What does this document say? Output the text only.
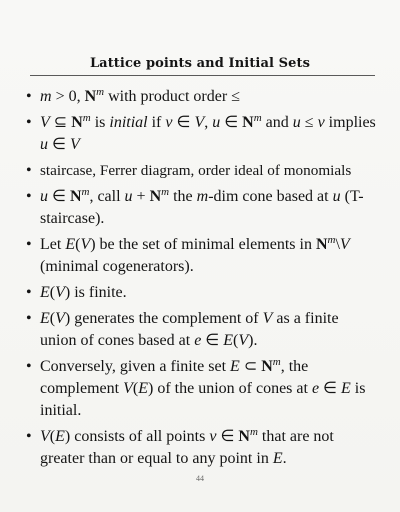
Lattice points and Initial Sets
• m > 0, $N^m$ with product order ≤
• V ⊆ $N^m$ is initial if v ∈ V, u ∈ $N^m$ and u ≤ v implies u ∈ V
• staircase, Ferrer diagram, order ideal of monomials
• u ∈ $N^m$, call $u + N^m$ the m-dim cone based at u (T-staircase).
• Let E(V) be the set of minimal elements in $N^m\backslash V$ (minimal cogenerators).
• E(V) is finite.
• E(V) generates the complement of V as a finite union of cones based at e ∈ E(V).
• Conversely, given a finite set E ⊂ $N^m$, the complement V(E) of the union of cones at e ∈ E is initial.
• V(E) consists of all points v ∈ $N^m$ that are not greater than or equal to any point in E.
44
